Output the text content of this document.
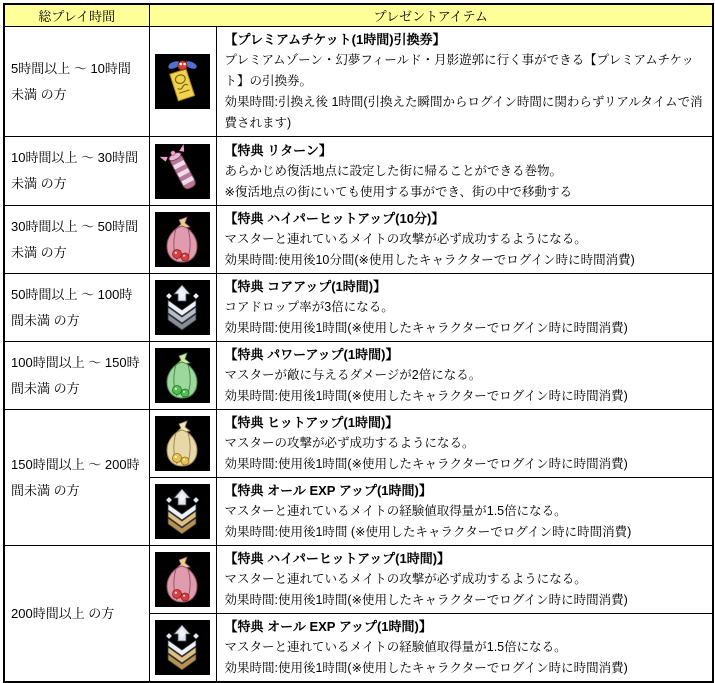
総プレイ時間	プレゼントアイテム	
5時間以上 ～ 10時間未満 の方		【プレミアムチケット(1時間)引換券】
プレミアムゾーン・幻夢フィールド・月影遊郭に行く事ができる【プレミアムチケット】の引換券。
効果時間:引換え後 1時間(引換えた瞬間からログイン時間に関わらずリアルタイムで消費されます)

10時間以上 ～ 30時間未満 の方		【特典 リターン】
あらかじめ復活地点に設定した街に帰ることができる巻物。
※復活地点の街にいても使用する事ができ、街の中で移動する

30時間以上 ～ 50時間未満 の方		【特典 ハイパーヒットアップ(10分)】
マスターと連れているメイトの攻撃が必ず成功するようになる。
効果時間:使用後10分間(※使用したキャラクターでログイン時に時間消費)

50時間以上 ～ 100時間未満 の方		【特典 コアアップ(1時間)】
コアドロップ率が3倍になる。
効果時間:使用後1時間(※使用したキャラクターでログイン時に時間消費)

100時間以上 ～ 150時間未満 の方		【特典 パワーアップ(1時間)】
マスターが敵に与えるダメージが2倍になる。
効果時間:使用後1時間(※使用したキャラクターでログイン時に時間消費)

150時間以上 ～ 200時間未満 の方		【特典 ヒットアップ(1時間)】
マスターの攻撃が必ず成功するようになる。
効果時間:使用後1時間(※使用したキャラクターでログイン時に時間消費)

【特典 オール EXP アップ(1時間)】
マスターと連れているメイトの経験値取得量が1.5倍になる。
効果時間:使用後1時間 (※使用したキャラクターでログイン時に時間消費)

200時間以上 の方		【特典 ハイパーヒットアップ(1時間)】
マスターと連れているメイトの攻撃が必ず成功するようになる。
効果時間:使用後1時間(※使用したキャラクターでログイン時に時間消費)

【特典 オール EXP アップ(1時間)】
マスターと連れているメイトの経験値取得量が1.5倍になる。
効果時間:使用後1時間(※使用したキャラクターでログイン時に時間消費)
